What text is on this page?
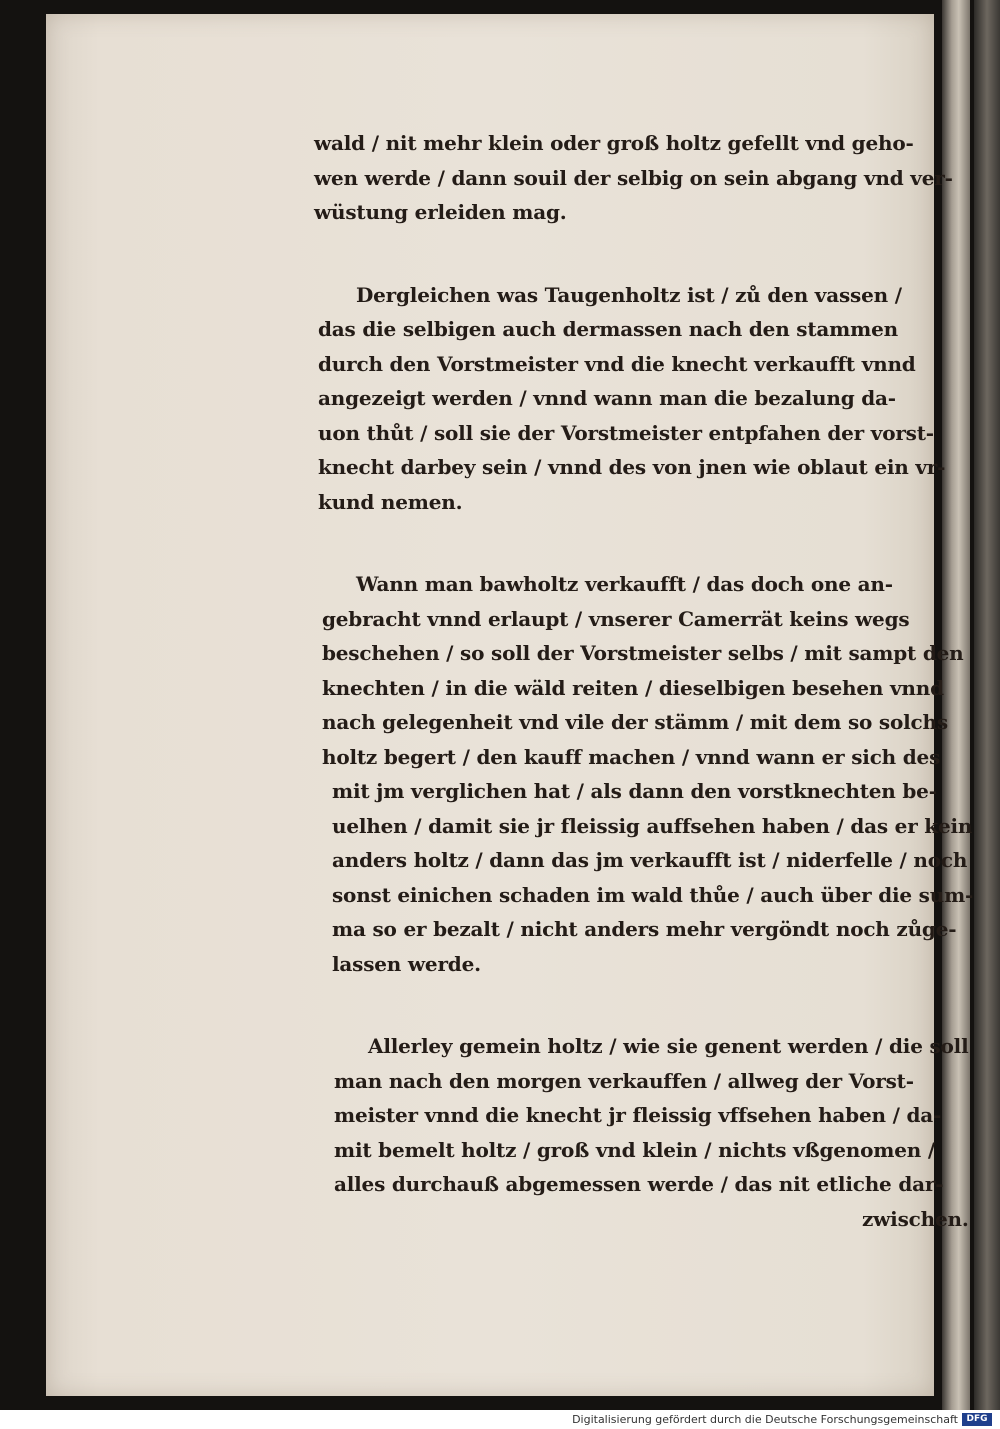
wald / nit mehr klein oder groß holtz gefellt vnd geho-
wen werde / dann souil der selbig on sein abgang vnd ver-
wüstung erleiden mag.
Dergleichen was Taugenholtz ist / zů den vassen /
das die selbigen auch dermassen nach den stammen
durch den Vorstmeister vnd die knecht verkaufft vnnd
angezeigt werden / vnnd wann man die bezalung da-
uon thůt / soll sie der Vorstmeister entpfahen der vorst-
knecht darbey sein / vnnd des von jnen wie oblaut ein vr-
kund nemen.
Wann man bawholtz verkaufft / das doch one an-
gebracht vnnd erlaupt / vnserer Camerrät keins wegs
beschehen / so soll der Vorstmeister selbs / mit sampt den
knechten / in die wäld reiten / dieselbigen besehen vnnd
nach gelegenheit vnd vile der stämm / mit dem so solchs
holtz begert / den kauff machen / vnnd wann er sich des
mit jm verglichen hat / als dann den vorstknechten be-
uelhen / damit sie jr fleissig auffsehen haben / das er kein
anders holtz / dann das jm verkaufft ist / niderfelle / noch
sonst einichen schaden im wald thůe / auch über die sum-
ma so er bezalt / nicht anders mehr vergöndt noch zůge-
lassen werde.
Allerley gemein holtz / wie sie genent werden / die soll
man nach den morgen verkauffen / allweg der Vorst-
meister vnnd die knecht jr fleissig vffsehen haben / da-
mit bemelt holtz / groß vnd klein / nichts vßgenomen /
alles durchauß abgemessen werde / das nit etliche dar-
zwischen.
Digitalisierung gefördert durch die Deutsche Forschungsgemeinschaft DFG
